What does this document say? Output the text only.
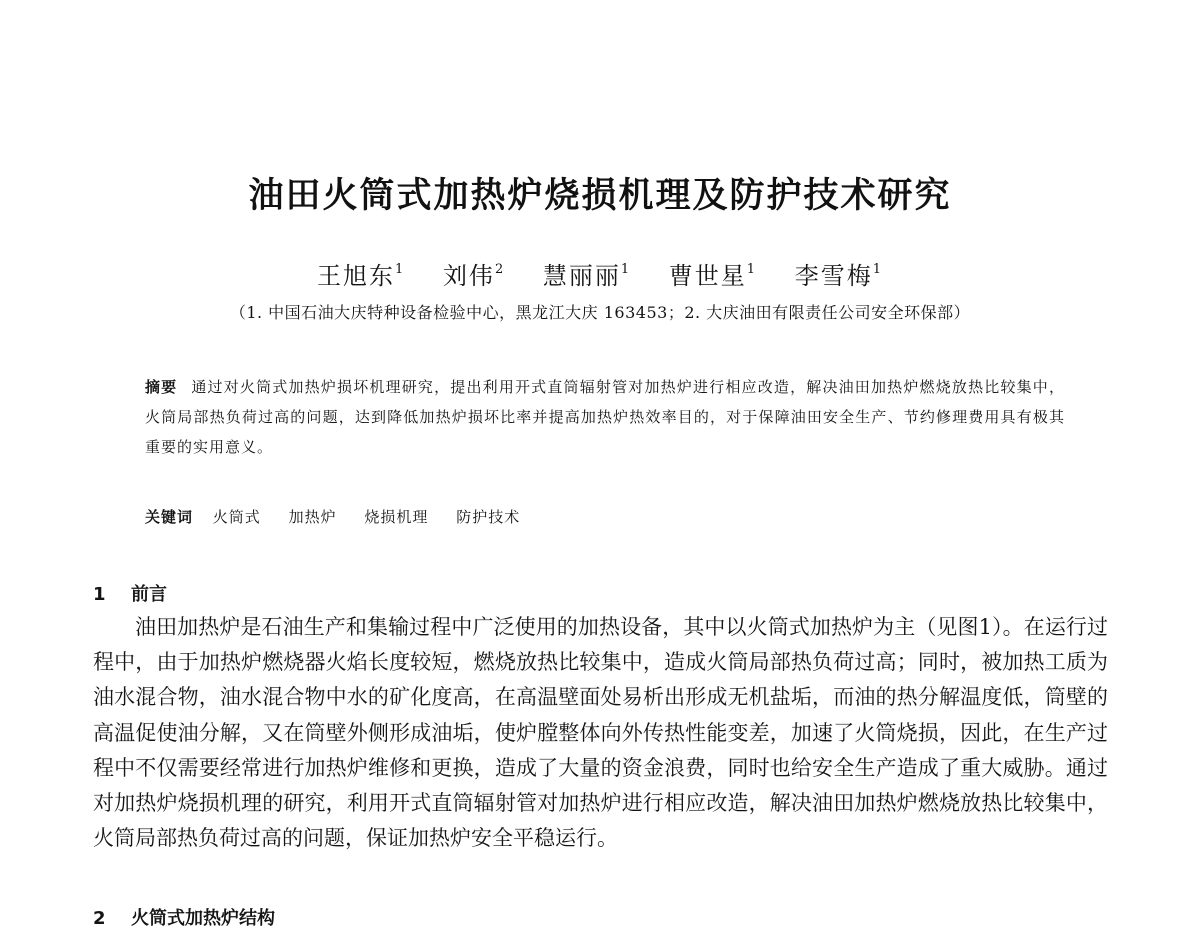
油田火筒式加热炉烧损机理及防护技术研究
王旭东$^1$ 刘伟$^2$ 慧丽丽$^1$ 曹世星$^1$ 李雪梅$^1$
（1. 中国石油大庆特种设备检验中心，黑龙江大庆 163453；2. 大庆油田有限责任公司安全环保部）
摘要 通过对火筒式加热炉损坏机理研究，提出利用开式直筒辐射管对加热炉进行相应改造，解决油田加热炉燃烧放热比较集中，火筒局部热负荷过高的问题，达到降低加热炉损坏比率并提高加热炉热效率目的，对于保障油田安全生产、节约修理费用具有极其重要的实用意义。
关键词 火筒式 加热炉 烧损机理 防护技术
1 前言
油田加热炉是石油生产和集输过程中广泛使用的加热设备，其中以火筒式加热炉为主（见图1）。在运行过程中，由于加热炉燃烧器火焰长度较短，燃烧放热比较集中，造成火筒局部热负荷过高；同时，被加热工质为油水混合物，油水混合物中水的矿化度高，在高温壁面处易析出形成无机盐垢，而油的热分解温度低，筒壁的高温促使油分解，又在筒壁外侧形成油垢，使炉膛整体向外传热性能变差，加速了火筒烧损，因此，在生产过程中不仅需要经常进行加热炉维修和更换，造成了大量的资金浪费，同时也给安全生产造成了重大威胁。通过对加热炉烧损机理的研究，利用开式直筒辐射管对加热炉进行相应改造，解决油田加热炉燃烧放热比较集中，火筒局部热负荷过高的问题，保证加热炉安全平稳运行。
2 火筒式加热炉结构
